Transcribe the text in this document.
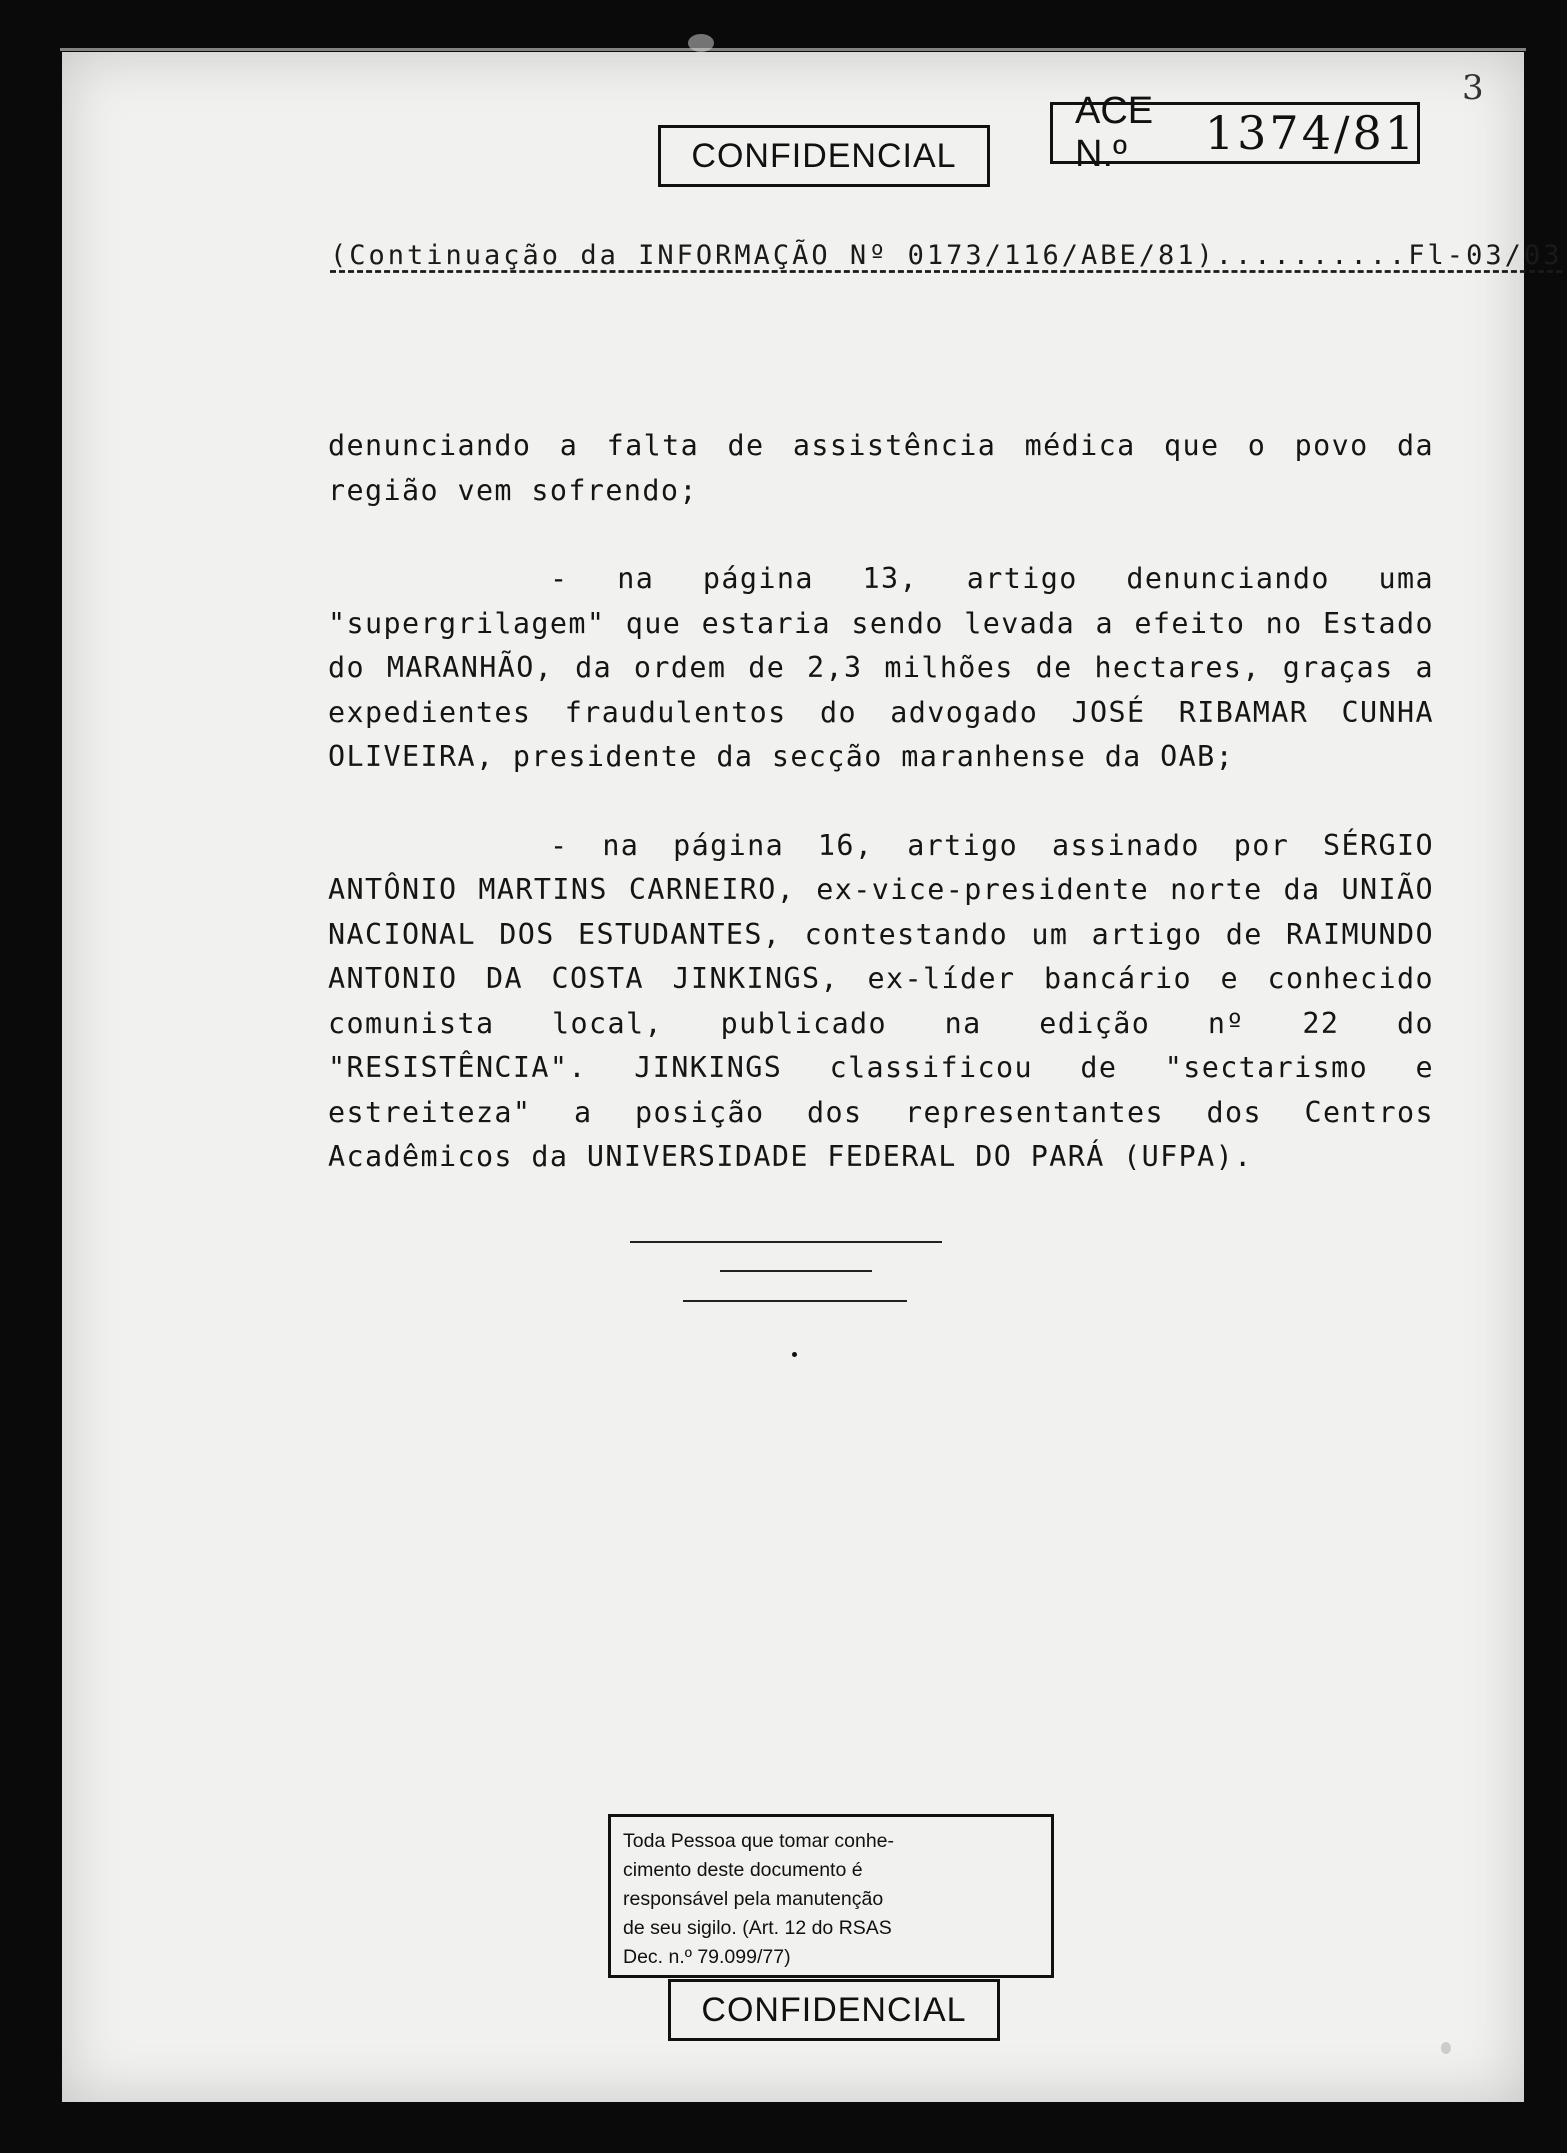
CONFIDENCIAL
ACE N.º	1374/81
3
(Continuação da INFORMAÇÃO Nº 0173/116/ABE/81)..........Fl-03/03

denunciando a falta de assistência médica que o povo da região vem sofrendo;

- na página 13, artigo denunciando uma "supergrilagem" que estaria sendo levada a efeito no Estado do MARANHÃO, da ordem de 2,3 milhões de hectares, graças a expedientes fraudulentos do advogado JOSÉ RIBAMAR CUNHA OLIVEIRA, presidente da secção maranhense da OAB;

- na página 16, artigo assinado por SÉRGIO ANTÔNIO MARTINS CARNEIRO, ex-vice-presidente norte da UNIÃO NACIONAL DOS ESTUDANTES, contestando um artigo de RAIMUNDO ANTONIO DA COSTA JINKINGS, ex-líder bancário e conhecido comunista local, publicado na edição nº 22 do "RESISTÊNCIA". JINKINGS classificou de "sectarismo e estreiteza" a posição dos representantes dos Centros Acadêmicos da UNIVERSIDADE FEDERAL DO PARÁ (UFPA).

Toda Pessoa que tomar conhe-
cimento deste documento é
responsável pela manutenção
de seu sigilo. (Art. 12 do RSAS
Dec. n.º 79.099/77)
CONFIDENCIAL
